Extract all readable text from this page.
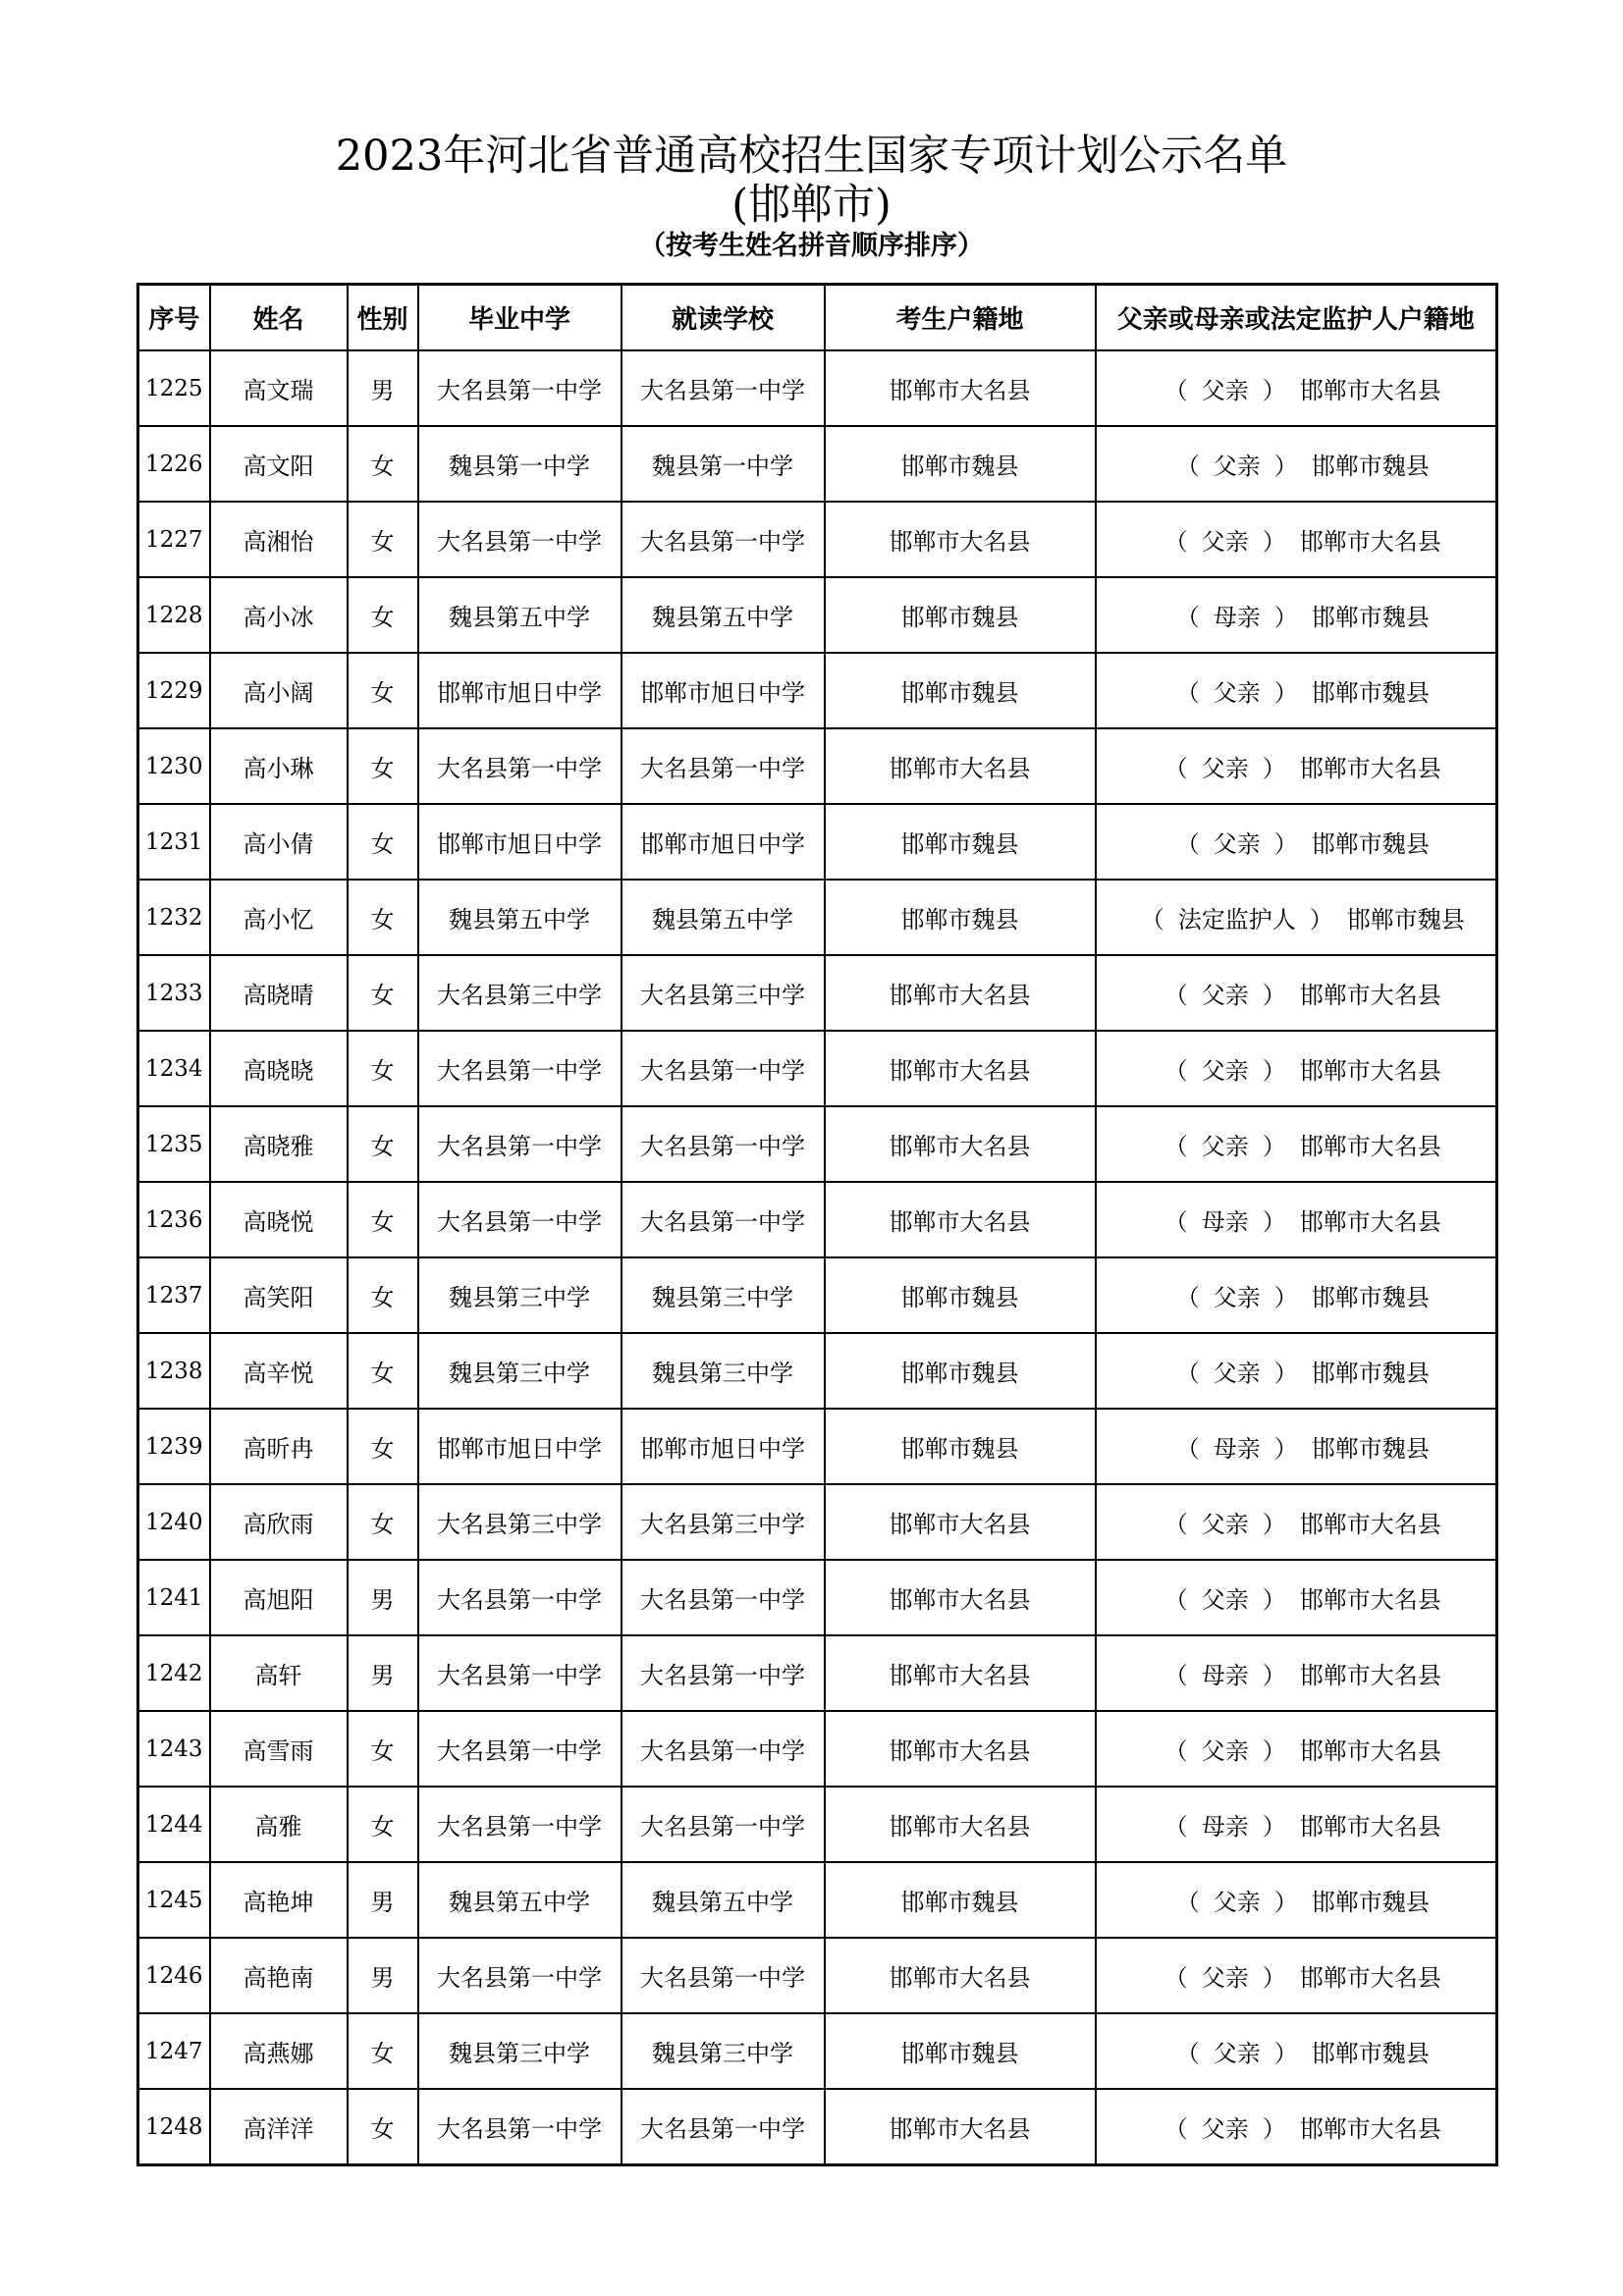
2023年河北省普通高校招生国家专项计划公示名单
(邯郸市)
（按考生姓名拼音顺序排序）
序号	姓名	性别	毕业中学	就读学校	考生户籍地	父亲或母亲或法定监护人户籍地
1225	高文瑞	男	大名县第一中学	大名县第一中学	邯郸市大名县	（ 父亲 ） 邯郸市大名县
1226	高文阳	女	魏县第一中学	魏县第一中学	邯郸市魏县	（ 父亲 ） 邯郸市魏县
1227	高湘怡	女	大名县第一中学	大名县第一中学	邯郸市大名县	（ 父亲 ） 邯郸市大名县
1228	高小冰	女	魏县第五中学	魏县第五中学	邯郸市魏县	（ 母亲 ） 邯郸市魏县
1229	高小阔	女	邯郸市旭日中学	邯郸市旭日中学	邯郸市魏县	（ 父亲 ） 邯郸市魏县
1230	高小琳	女	大名县第一中学	大名县第一中学	邯郸市大名县	（ 父亲 ） 邯郸市大名县
1231	高小倩	女	邯郸市旭日中学	邯郸市旭日中学	邯郸市魏县	（ 父亲 ） 邯郸市魏县
1232	高小忆	女	魏县第五中学	魏县第五中学	邯郸市魏县	（ 法定监护人 ） 邯郸市魏县
1233	高晓晴	女	大名县第三中学	大名县第三中学	邯郸市大名县	（ 父亲 ） 邯郸市大名县
1234	高晓晓	女	大名县第一中学	大名县第一中学	邯郸市大名县	（ 父亲 ） 邯郸市大名县
1235	高晓雅	女	大名县第一中学	大名县第一中学	邯郸市大名县	（ 父亲 ） 邯郸市大名县
1236	高晓悦	女	大名县第一中学	大名县第一中学	邯郸市大名县	（ 母亲 ） 邯郸市大名县
1237	高笑阳	女	魏县第三中学	魏县第三中学	邯郸市魏县	（ 父亲 ） 邯郸市魏县
1238	高辛悦	女	魏县第三中学	魏县第三中学	邯郸市魏县	（ 父亲 ） 邯郸市魏县
1239	高昕冉	女	邯郸市旭日中学	邯郸市旭日中学	邯郸市魏县	（ 母亲 ） 邯郸市魏县
1240	高欣雨	女	大名县第三中学	大名县第三中学	邯郸市大名县	（ 父亲 ） 邯郸市大名县
1241	高旭阳	男	大名县第一中学	大名县第一中学	邯郸市大名县	（ 父亲 ） 邯郸市大名县
1242	高轩	男	大名县第一中学	大名县第一中学	邯郸市大名县	（ 母亲 ） 邯郸市大名县
1243	高雪雨	女	大名县第一中学	大名县第一中学	邯郸市大名县	（ 父亲 ） 邯郸市大名县
1244	高雅	女	大名县第一中学	大名县第一中学	邯郸市大名县	（ 母亲 ） 邯郸市大名县
1245	高艳坤	男	魏县第五中学	魏县第五中学	邯郸市魏县	（ 父亲 ） 邯郸市魏县
1246	高艳南	男	大名县第一中学	大名县第一中学	邯郸市大名县	（ 父亲 ） 邯郸市大名县
1247	高燕娜	女	魏县第三中学	魏县第三中学	邯郸市魏县	（ 父亲 ） 邯郸市魏县
1248	高洋洋	女	大名县第一中学	大名县第一中学	邯郸市大名县	（ 父亲 ） 邯郸市大名县
